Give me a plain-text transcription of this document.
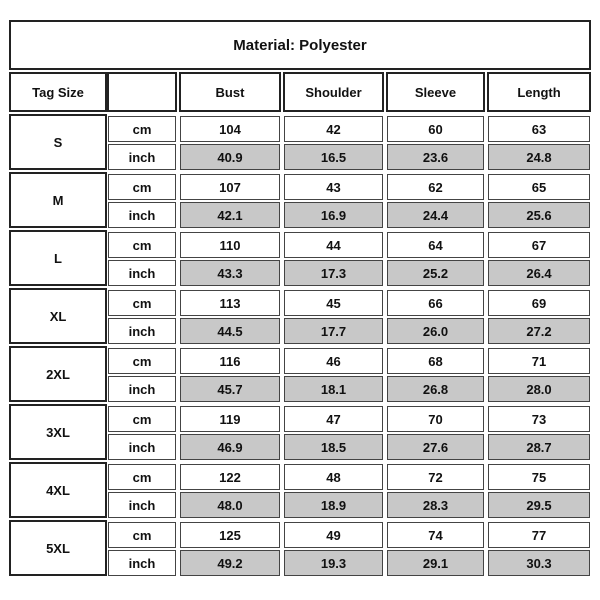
Material: Polyester
Tag Size	Bust	Shoulder	Sleeve	Length
S
cm	104	42	60	63
inch	40.9	16.5	23.6	24.8
M
cm	107	43	62	65
inch	42.1	16.9	24.4	25.6
L
cm	110	44	64	67
inch	43.3	17.3	25.2	26.4
XL
cm	113	45	66	69
inch	44.5	17.7	26.0	27.2
2XL
cm	116	46	68	71
inch	45.7	18.1	26.8	28.0
3XL
cm	119	47	70	73
inch	46.9	18.5	27.6	28.7
4XL
cm	122	48	72	75
inch	48.0	18.9	28.3	29.5
5XL
cm	125	49	74	77
inch	49.2	19.3	29.1	30.3
